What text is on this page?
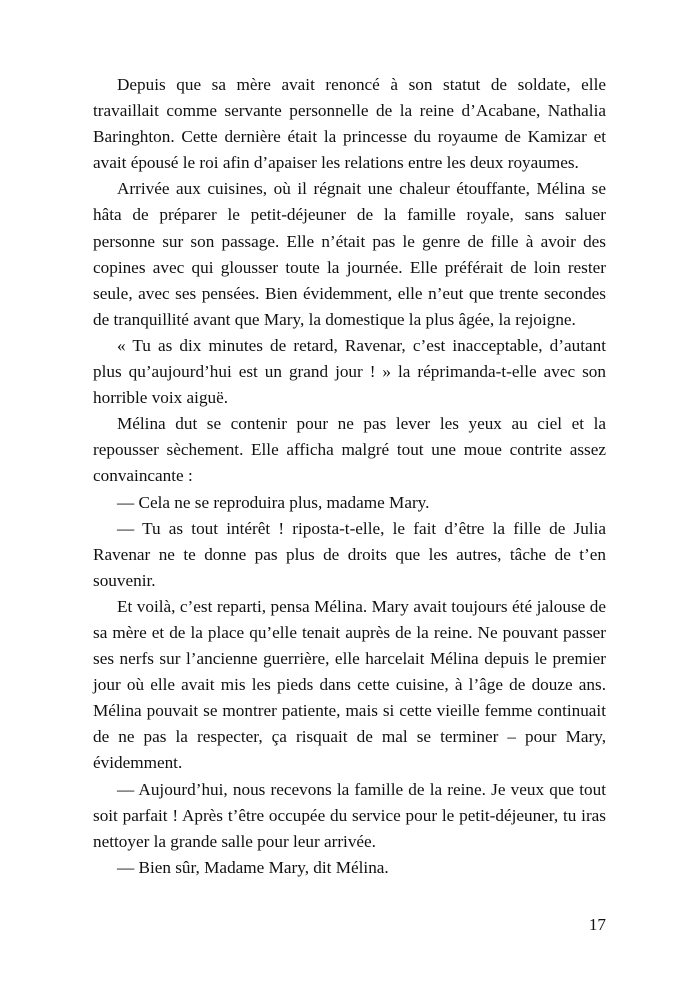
Depuis que sa mère avait renoncé à son statut de soldate, elle travaillait comme servante personnelle de la reine d’Acabane, Nathalia Baringhton. Cette dernière était la princesse du royaume de Kamizar et avait épousé le roi afin d’apaiser les relations entre les deux royaumes.

Arrivée aux cuisines, où il régnait une chaleur étouffante, Mélina se hâta de préparer le petit-déjeuner de la famille royale, sans saluer personne sur son passage. Elle n’était pas le genre de fille à avoir des copines avec qui glousser toute la journée. Elle préférait de loin rester seule, avec ses pensées. Bien évidemment, elle n’eut que trente secondes de tranquillité avant que Mary, la domestique la plus âgée, la rejoigne.

« Tu as dix minutes de retard, Ravenar, c’est inacceptable, d’autant plus qu’aujourd’hui est un grand jour ! » la réprimanda-t-elle avec son horrible voix aiguë.

Mélina dut se contenir pour ne pas lever les yeux au ciel et la repousser sèchement. Elle afficha malgré tout une moue contrite assez convaincante :

— Cela ne se reproduira plus, madame Mary.

— Tu as tout intérêt ! riposta-t-elle, le fait d’être la fille de Julia Ravenar ne te donne pas plus de droits que les autres, tâche de t’en souvenir.

Et voilà, c’est reparti, pensa Mélina. Mary avait toujours été jalouse de sa mère et de la place qu’elle tenait auprès de la reine. Ne pouvant passer ses nerfs sur l’ancienne guerrière, elle harcelait Mélina depuis le premier jour où elle avait mis les pieds dans cette cuisine, à l’âge de douze ans. Mélina pouvait se montrer patiente, mais si cette vieille femme continuait de ne pas la respecter, ça risquait de mal se terminer – pour Mary, évidemment.

— Aujourd’hui, nous recevons la famille de la reine. Je veux que tout soit parfait ! Après t’être occupée du service pour le petit-déjeuner, tu iras nettoyer la grande salle pour leur arrivée.

— Bien sûr, Madame Mary, dit Mélina.

17
